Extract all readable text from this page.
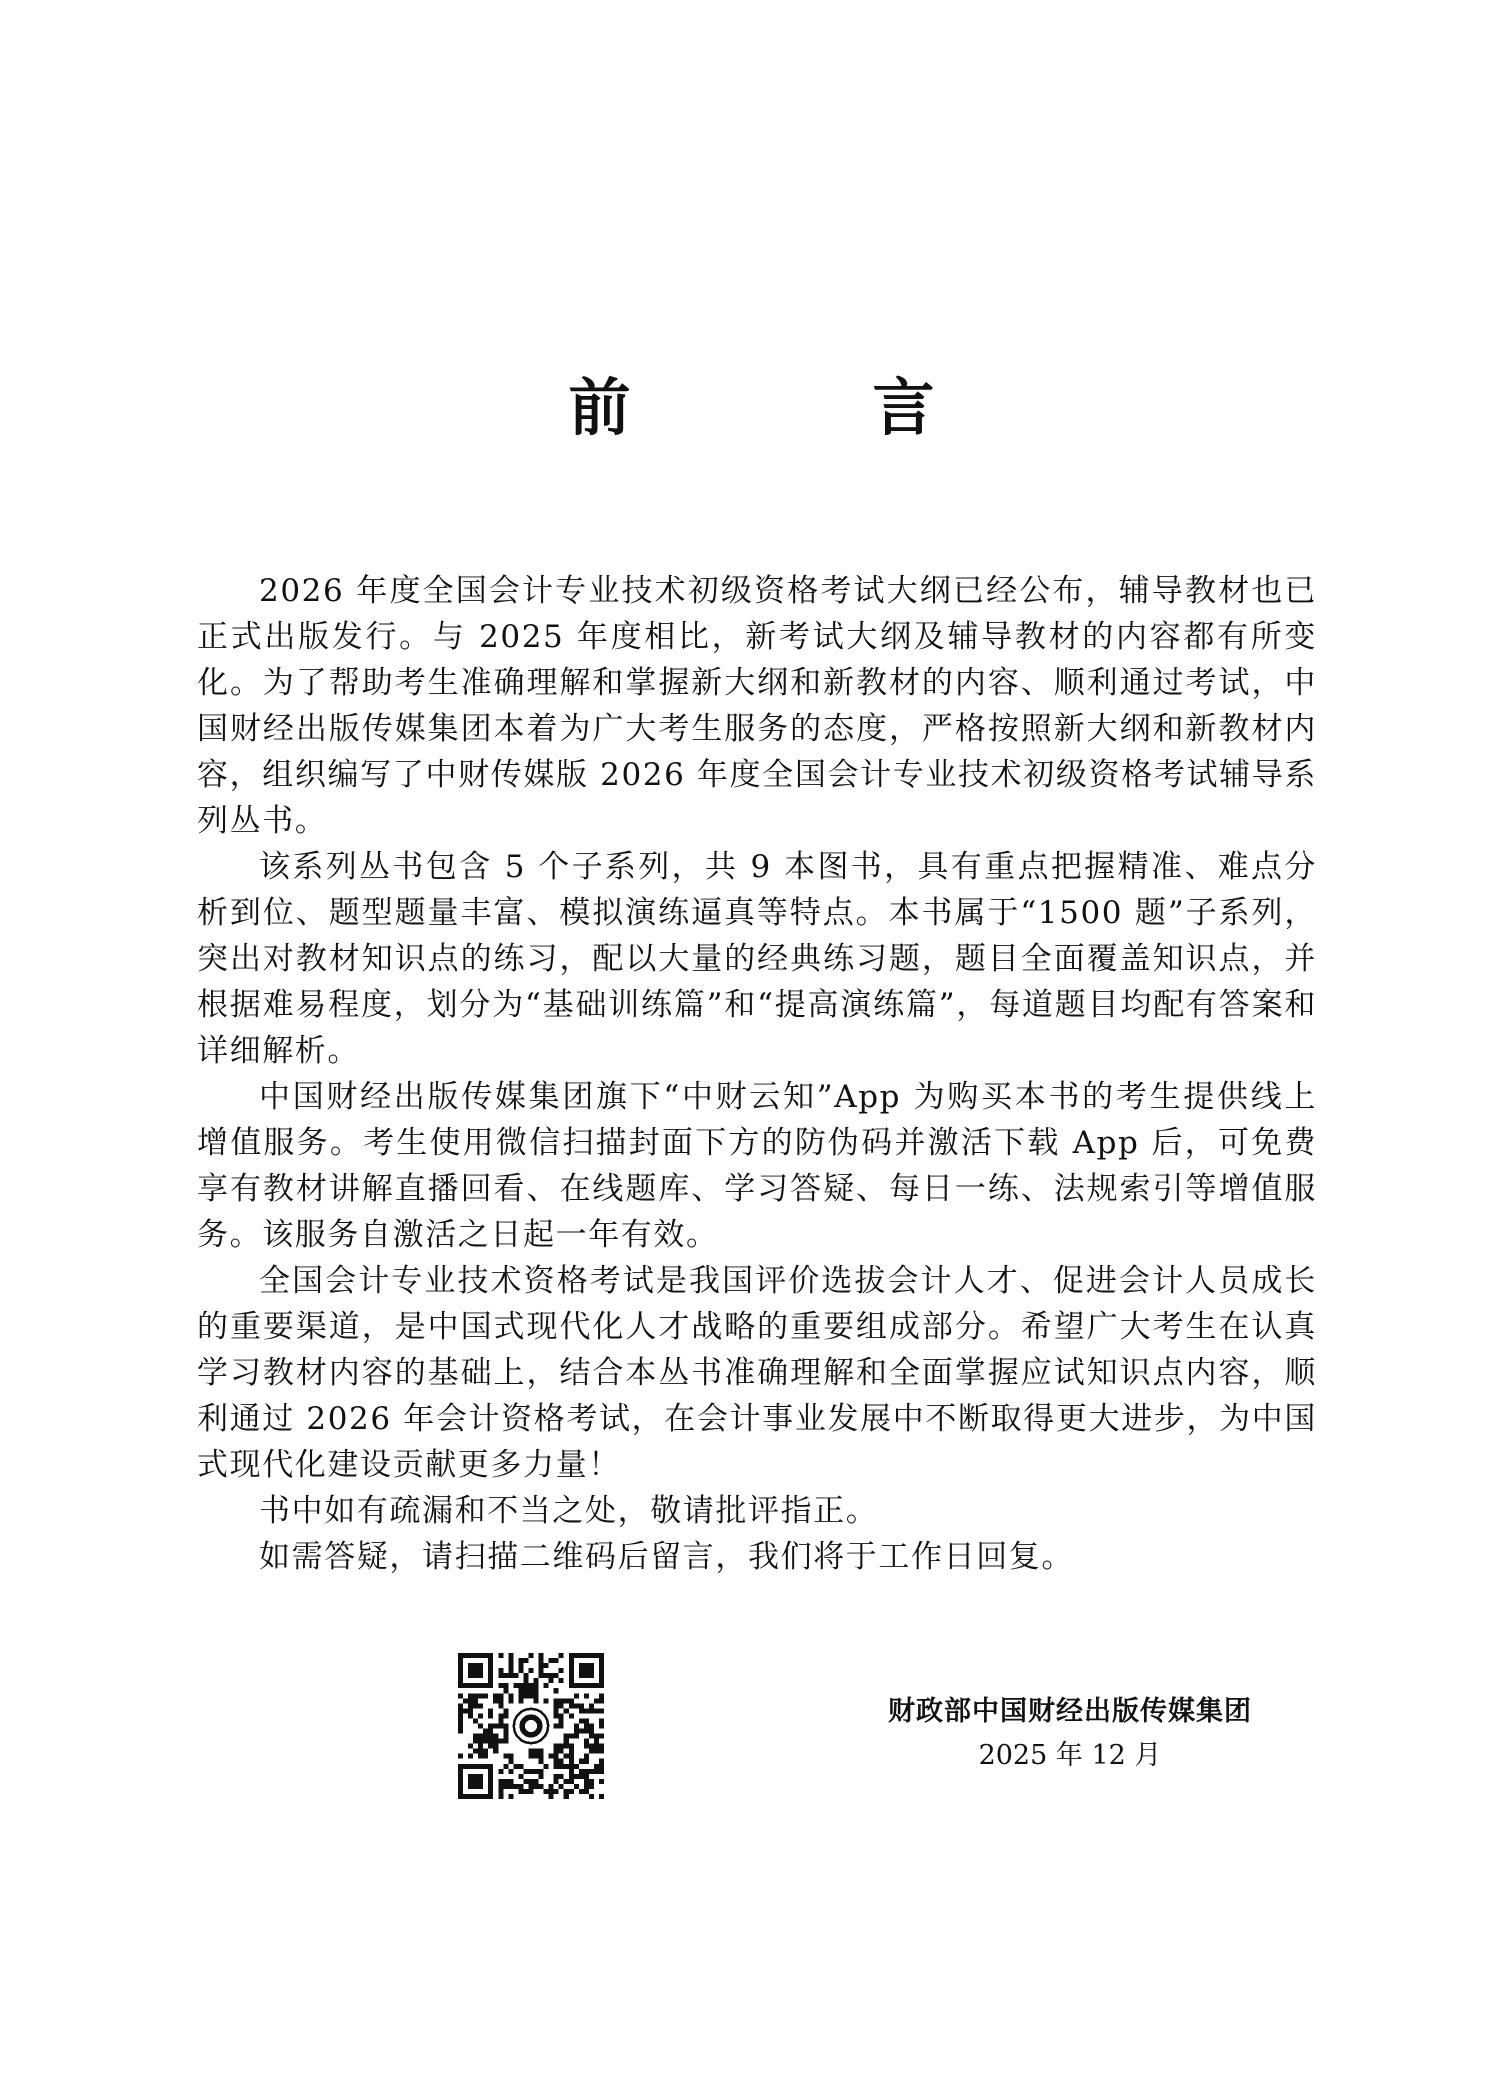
前　言

2026 年度全国会计专业技术初级资格考试大纲已经公布，辅导教材也已正式出版发行。与 2025 年度相比，新考试大纲及辅导教材的内容都有所变化。为了帮助考生准确理解和掌握新大纲和新教材的内容、顺利通过考试，中国财经出版传媒集团本着为广大考生服务的态度，严格按照新大纲和新教材内容，组织编写了中财传媒版 2026 年度全国会计专业技术初级资格考试辅导系列丛书。

该系列丛书包含 5 个子系列，共 9 本图书，具有重点把握精准、难点分析到位、题型题量丰富、模拟演练逼真等特点。本书属于“1500 题”子系列，突出对教材知识点的练习，配以大量的经典练习题，题目全面覆盖知识点，并根据难易程度，划分为“基础训练篇”和“提高演练篇”，每道题目均配有答案和详细解析。

中国财经出版传媒集团旗下“中财云知”App 为购买本书的考生提供线上增值服务。考生使用微信扫描封面下方的防伪码并激活下载 App 后，可免费享有教材讲解直播回看、在线题库、学习答疑、每日一练、法规索引等增值服务。该服务自激活之日起一年有效。

全国会计专业技术资格考试是我国评价选拔会计人才、促进会计人员成长的重要渠道，是中国式现代化人才战略的重要组成部分。希望广大考生在认真学习教材内容的基础上，结合本丛书准确理解和全面掌握应试知识点内容，顺利通过 2026 年会计资格考试，在会计事业发展中不断取得更大进步，为中国式现代化建设贡献更多力量！

书中如有疏漏和不当之处，敬请批评指正。

如需答疑，请扫描二维码后留言，我们将于工作日回复。

财政部中国财经出版传媒集团
2025 年 12 月
